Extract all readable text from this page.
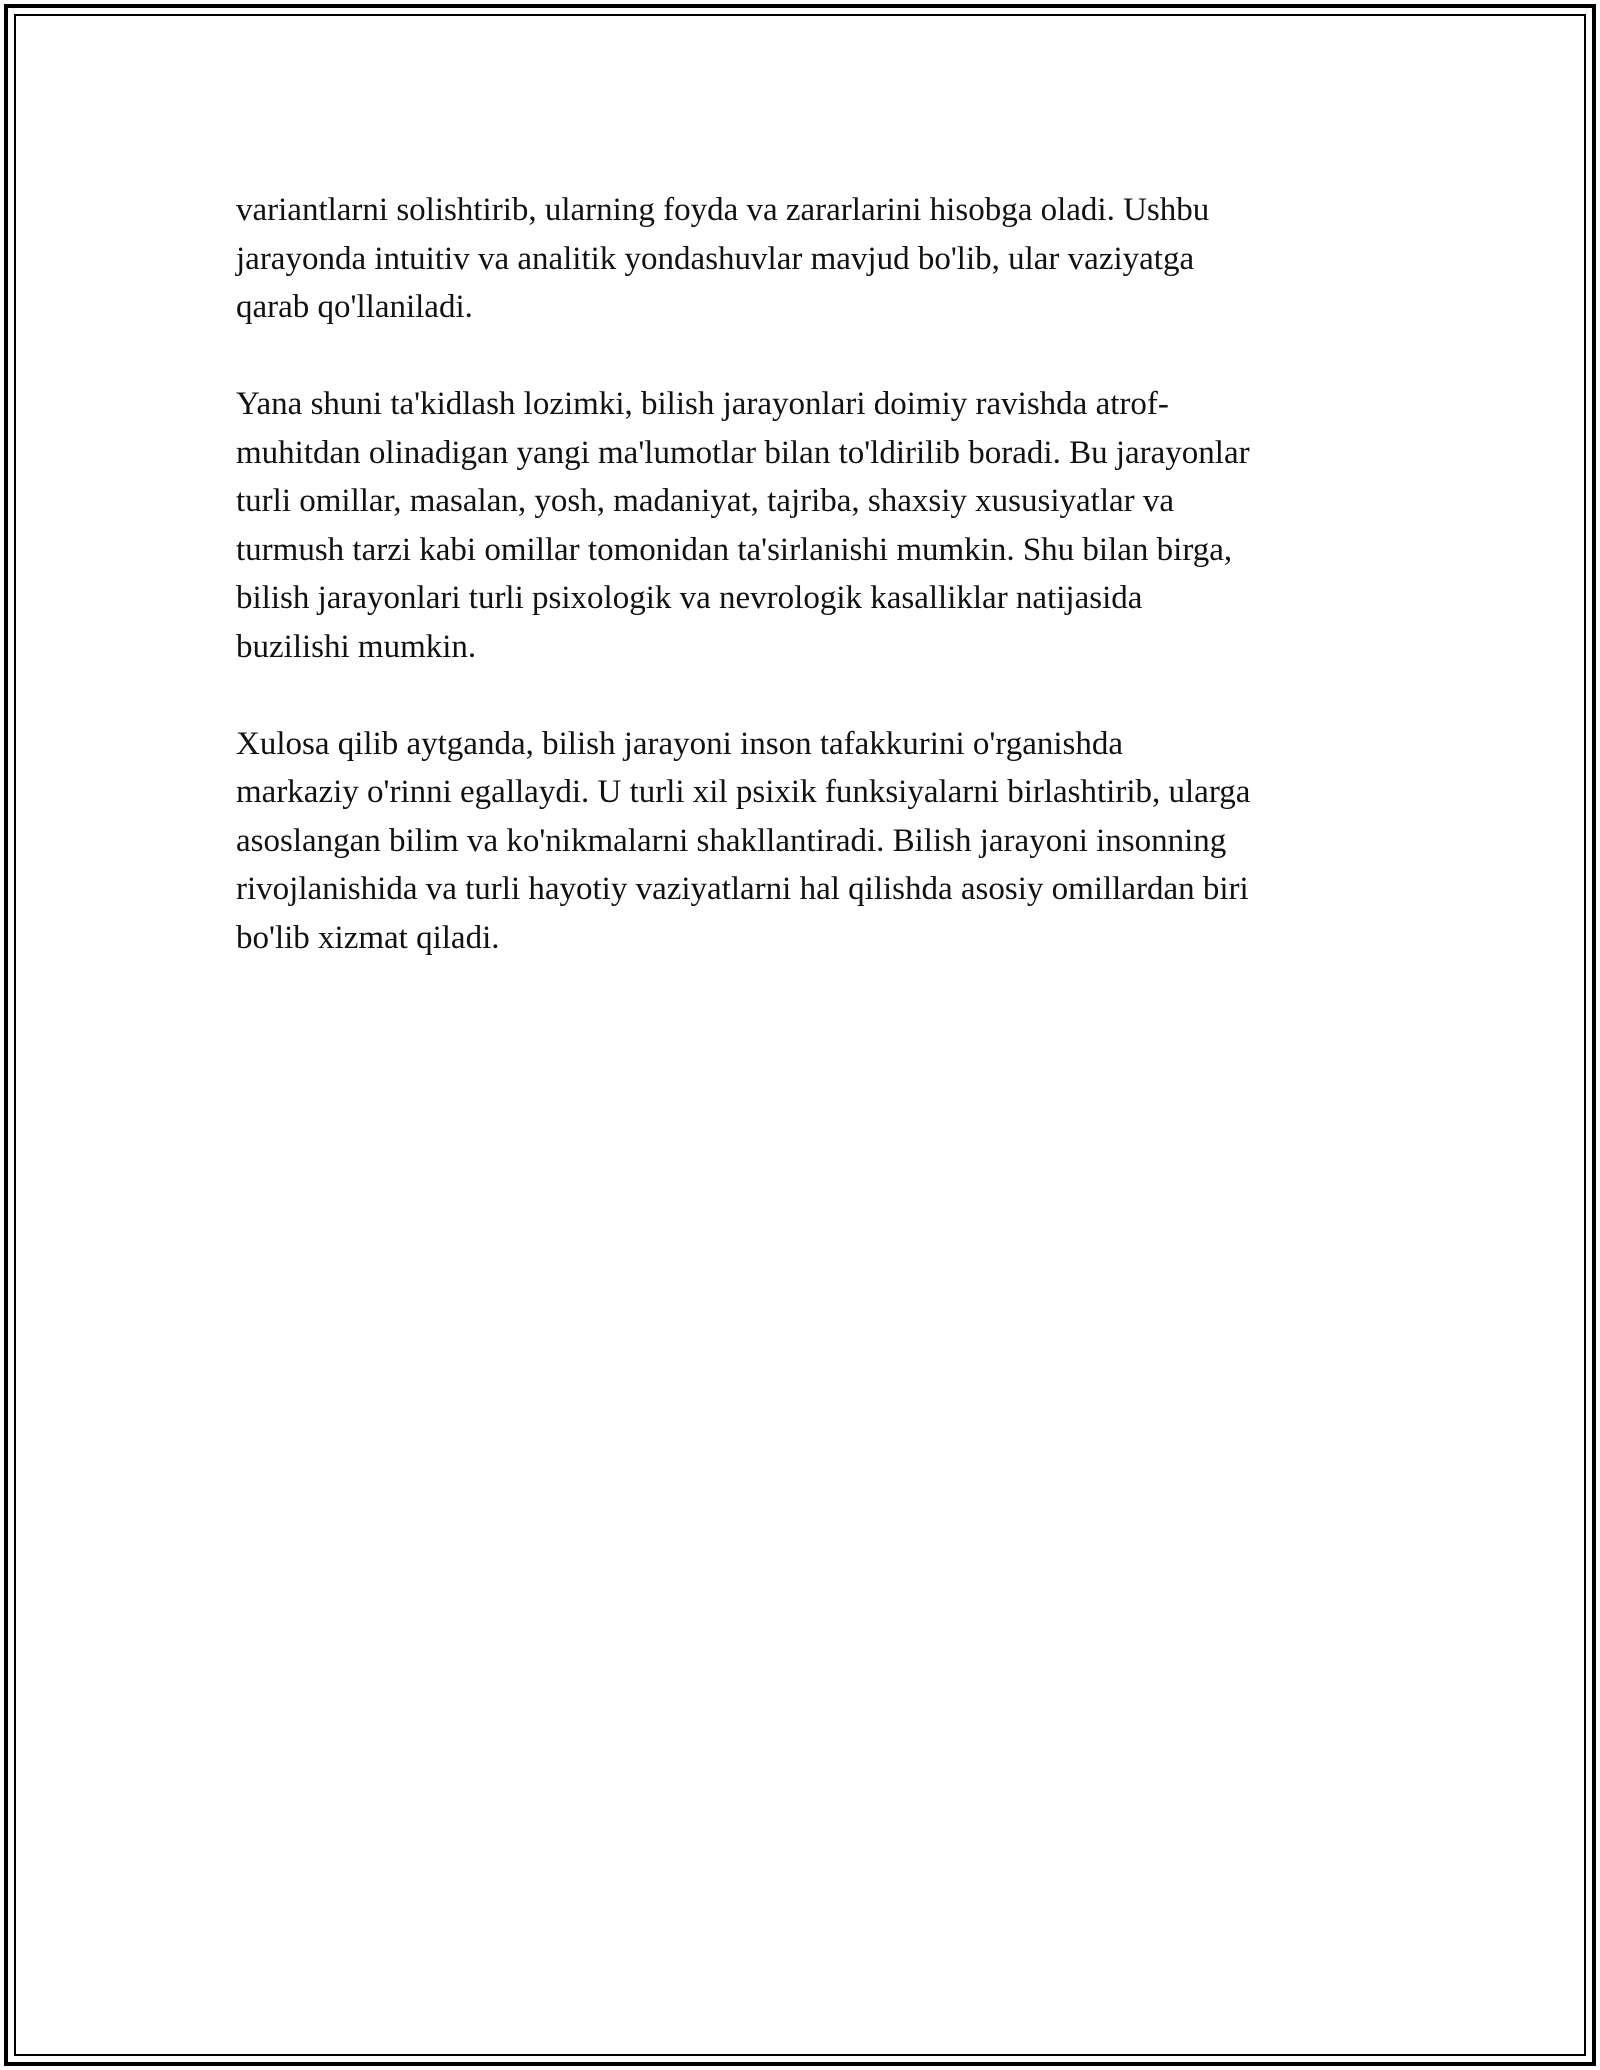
variantlarni solishtirib, ularning foyda va zararlarini hisobga oladi. Ushbu
jarayonda intuitiv va analitik yondashuvlar mavjud bo'lib, ular vaziyatga
qarab qo'llaniladi.

Yana shuni ta'kidlash lozimki, bilish jarayonlari doimiy ravishda atrof-
muhitdan olinadigan yangi ma'lumotlar bilan to'ldirilib boradi. Bu jarayonlar
turli omillar, masalan, yosh, madaniyat, tajriba, shaxsiy xususiyatlar va
turmush tarzi kabi omillar tomonidan ta'sirlanishi mumkin. Shu bilan birga,
bilish jarayonlari turli psixologik va nevrologik kasalliklar natijasida
buzilishi mumkin.

Xulosa qilib aytganda, bilish jarayoni inson tafakkurini o'rganishda
markaziy o'rinni egallaydi. U turli xil psixik funksiyalarni birlashtirib, ularga
asoslangan bilim va ko'nikmalarni shakllantiradi. Bilish jarayoni insonning
rivojlanishida va turli hayotiy vaziyatlarni hal qilishda asosiy omillardan biri
bo'lib xizmat qiladi.
